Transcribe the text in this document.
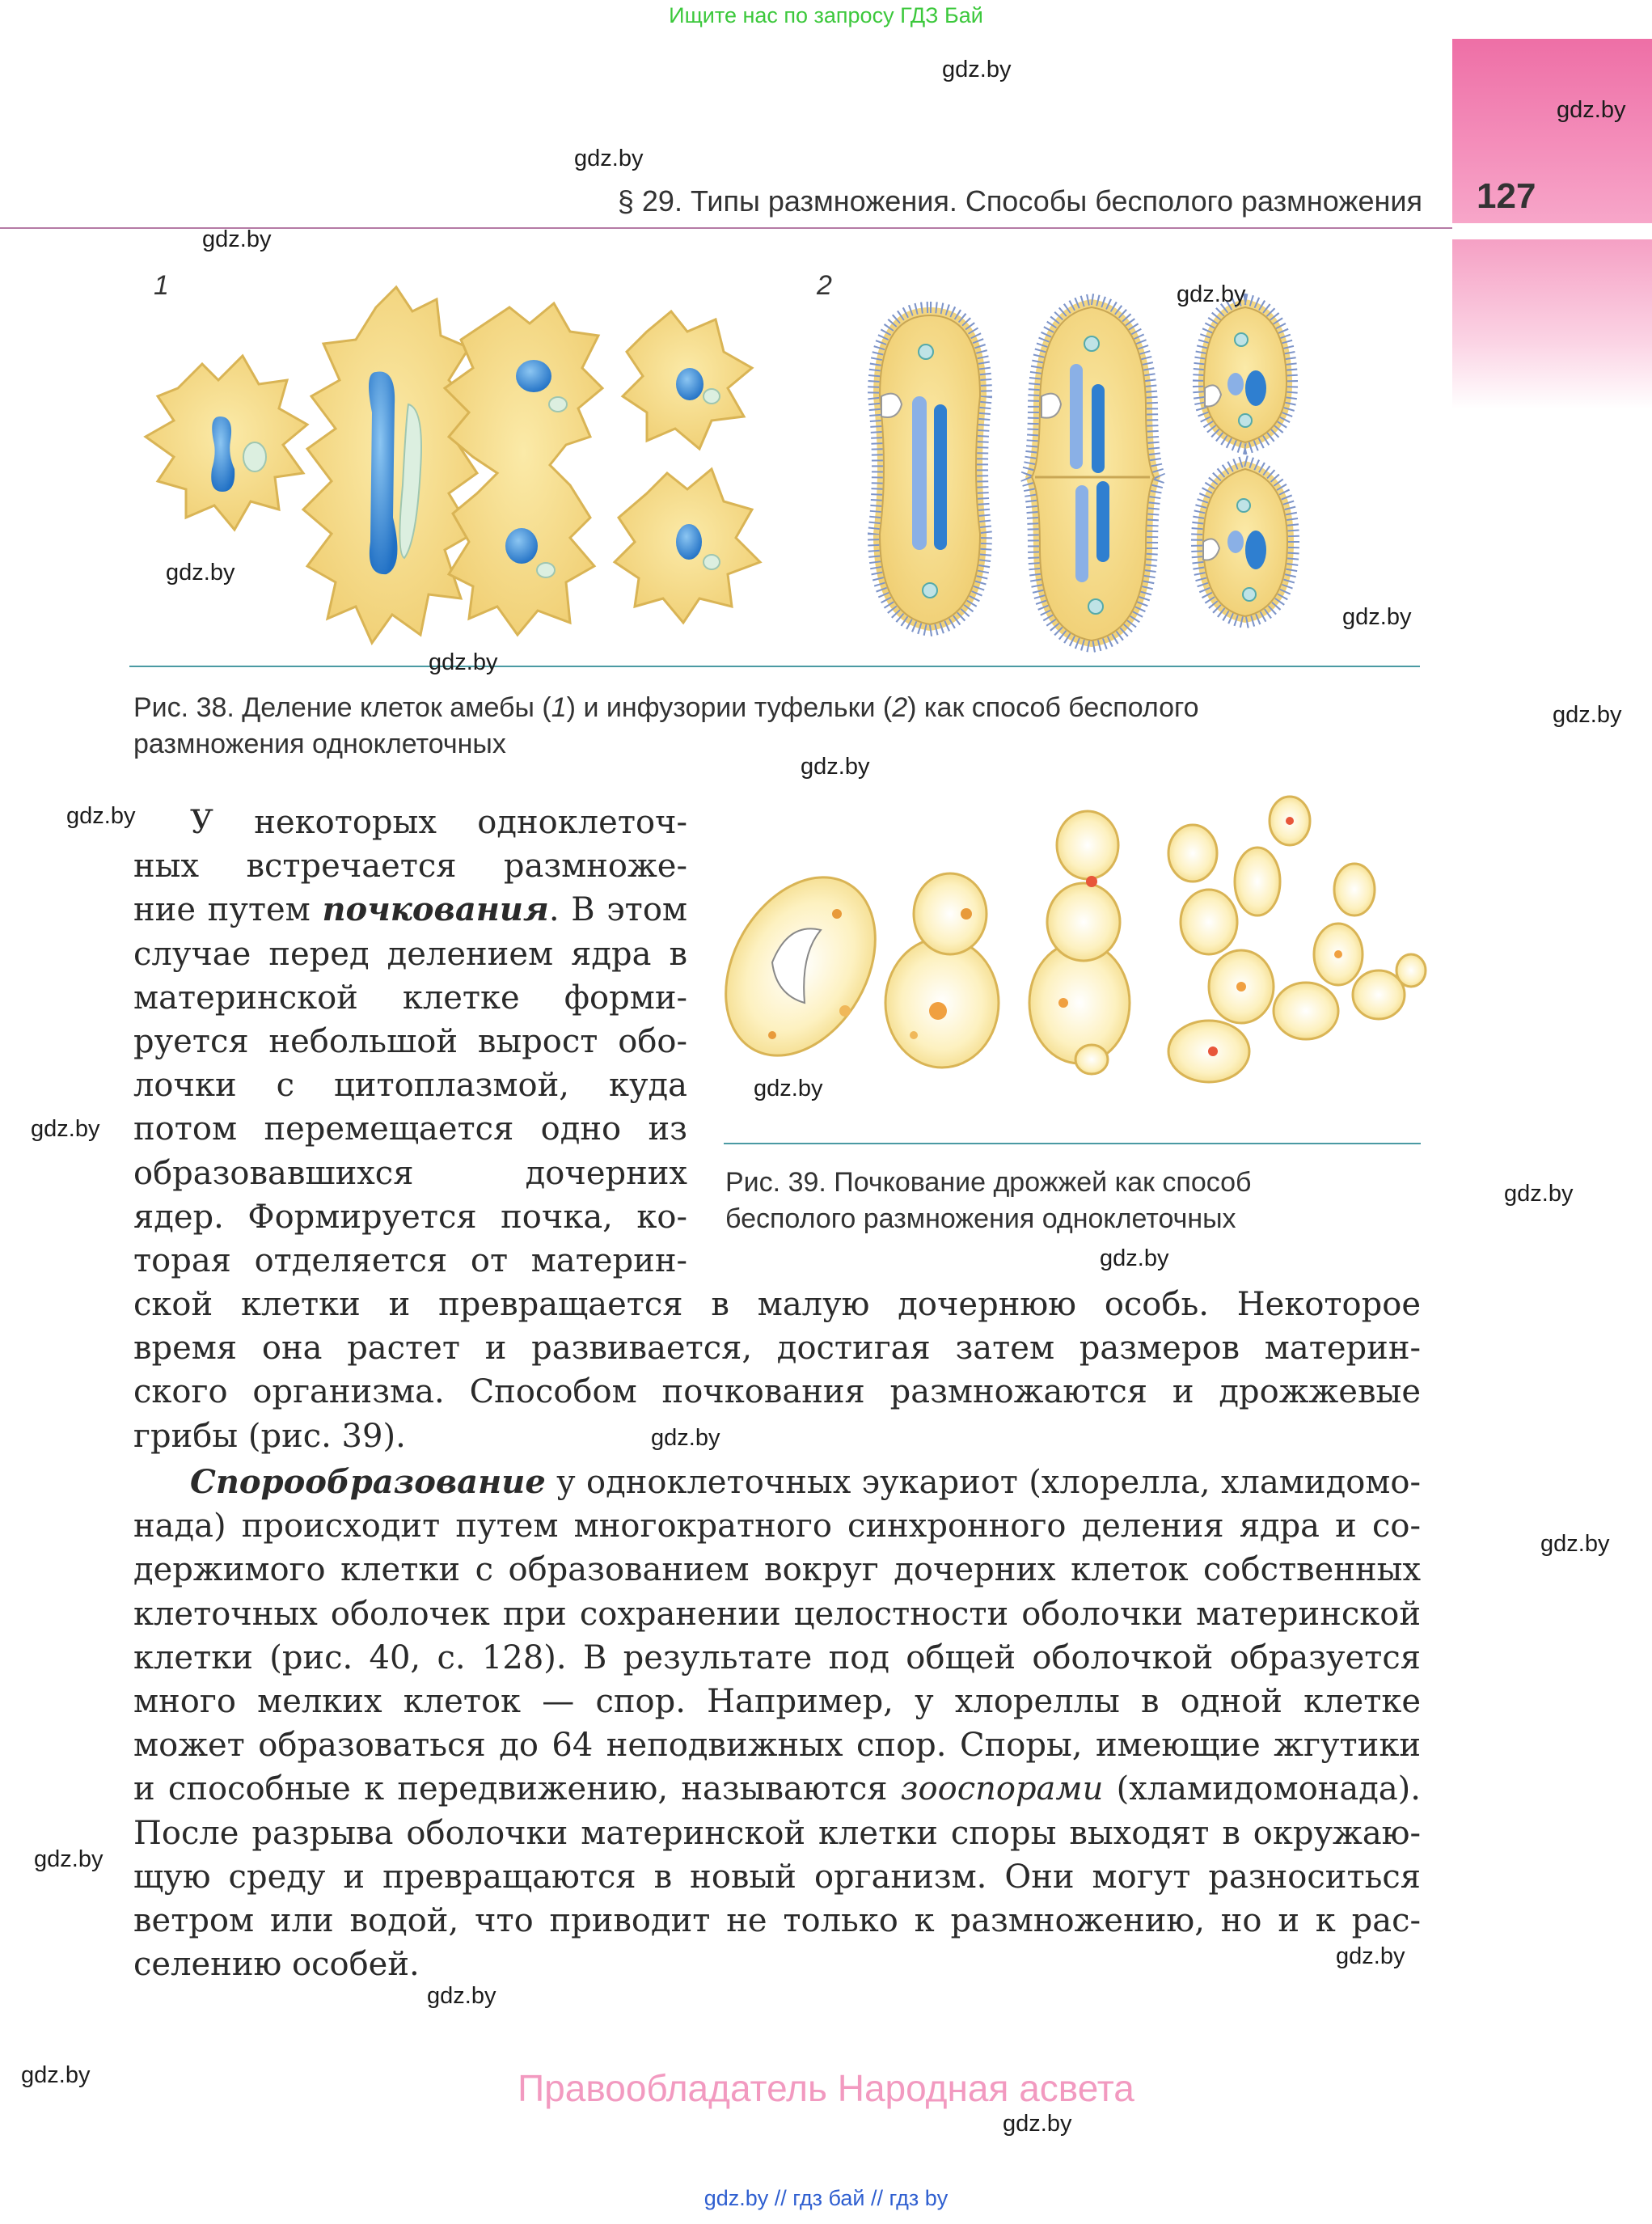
Ищите нас по запросу ГДЗ Бай
127
§ 29. Типы размножения. Способы бесполого размножения
1	2
Рис. 38. Деление клеток амебы (1) и инфузории туфельки (2) как способ бесполого
размножения одноклеточных
Рис. 39. Почкование дрожжей как способ
бесполого размножения одноклеточных
У некоторых одноклеточ-
ных встречается размноже-
ние путем почкования. В этом
случае перед делением ядра в
материнской клетке форми-
руется небольшой вырост обо-
лочки с цитоплазмой, куда
потом перемещается одно из
образовавшихся дочерних
ядер. Формируется почка, ко-
торая отделяется от материн-
ской клетки и превращается в малую дочернюю особь. Некоторое
время она растет и развивается, достигая затем размеров материн-
ского организма. Способом почкования размножаются и дрожжевые
грибы (рис. 39).
Спорообразование у одноклеточных эукариот (хлорелла, хламидомо-
нада) происходит путем многократного синхронного деления ядра и со-
держимого клетки с образованием вокруг дочерних клеток собственных
клеточных оболочек при сохранении целостности оболочки материнской
клетки (рис. 40, с. 128). В результате под общей оболочкой образуется
много мелких клеток — спор. Например, у хлореллы в одной клетке
может образоваться до 64 неподвижных спор. Споры, имеющие жгутики
и способные к передвижению, называются зооспорами (хламидомонада).
После разрыва оболочки материнской клетки споры выходят в окружаю-
щую среду и превращаются в новый организм. Они могут разноситься
ветром или водой, что приводит не только к размножению, но и к рас-
селению особей.
gdz.by
gdz.by
gdz.by
gdz.by
gdz.by
gdz.by
gdz.by
gdz.by
gdz.by
gdz.by
gdz.by
gdz.by
gdz.by
gdz.by
gdz.by
gdz.by
gdz.by
gdz.by
gdz.by
gdz.by
gdz.by
gdz.by
Правообладатель Народная асвета
gdz.by // гдз бай // гдз by
